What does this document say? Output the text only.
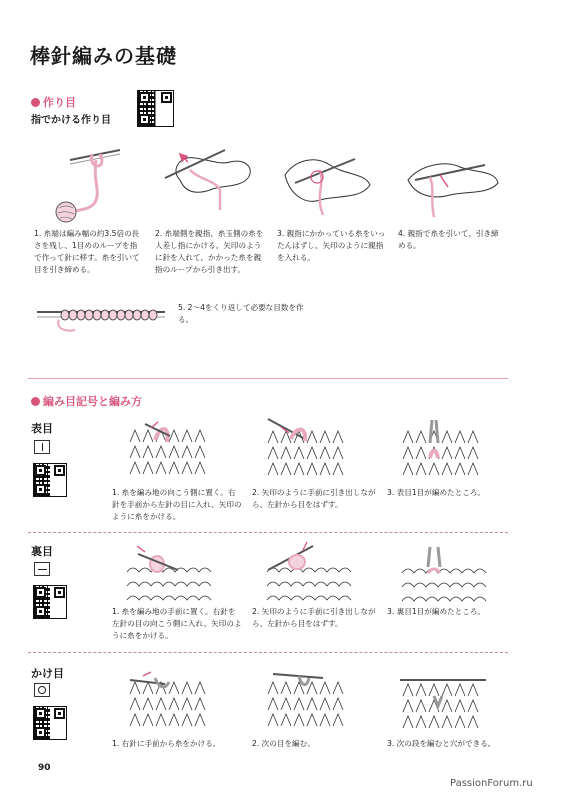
棒針編みの基礎
作り目
指でかける作り目
1. 糸端は編み幅の約3.5倍の長さを残し、1目めのループを指で作って針に移す。糸を引いて目を引き締める。
2. 糸端側を親指、糸玉側の糸を人差し指にかける。矢印のように針を入れて、かかった糸を親指のループから引き出す。
3. 親指にかかっている糸をいったんはずし、矢印のように親指を入れる。
4. 親指で糸を引いて、引き締める。
5. 2～4をくり返して必要な目数を作る。
編み目記号と編み方
表目
1. 糸を編み地の向こう側に置く。右針を手前から左針の目に入れ、矢印のように糸をかける。
2. 矢印のように手前に引き出しながら、左針から目をはずす。
3. 表目1目が編めたところ。
裏目
1. 糸を編み地の手前に置く。右針を左針の目の向こう側に入れ、矢印のように糸をかける。
2. 矢印のように手前に引き出しながら、左針から目をはずす。
3. 裏目1目が編めたところ。
かけ目
1. 右針に手前から糸をかける。	2. 次の目を編む。	3. 次の段を編むと穴ができる。
90
PassionForum.ru
